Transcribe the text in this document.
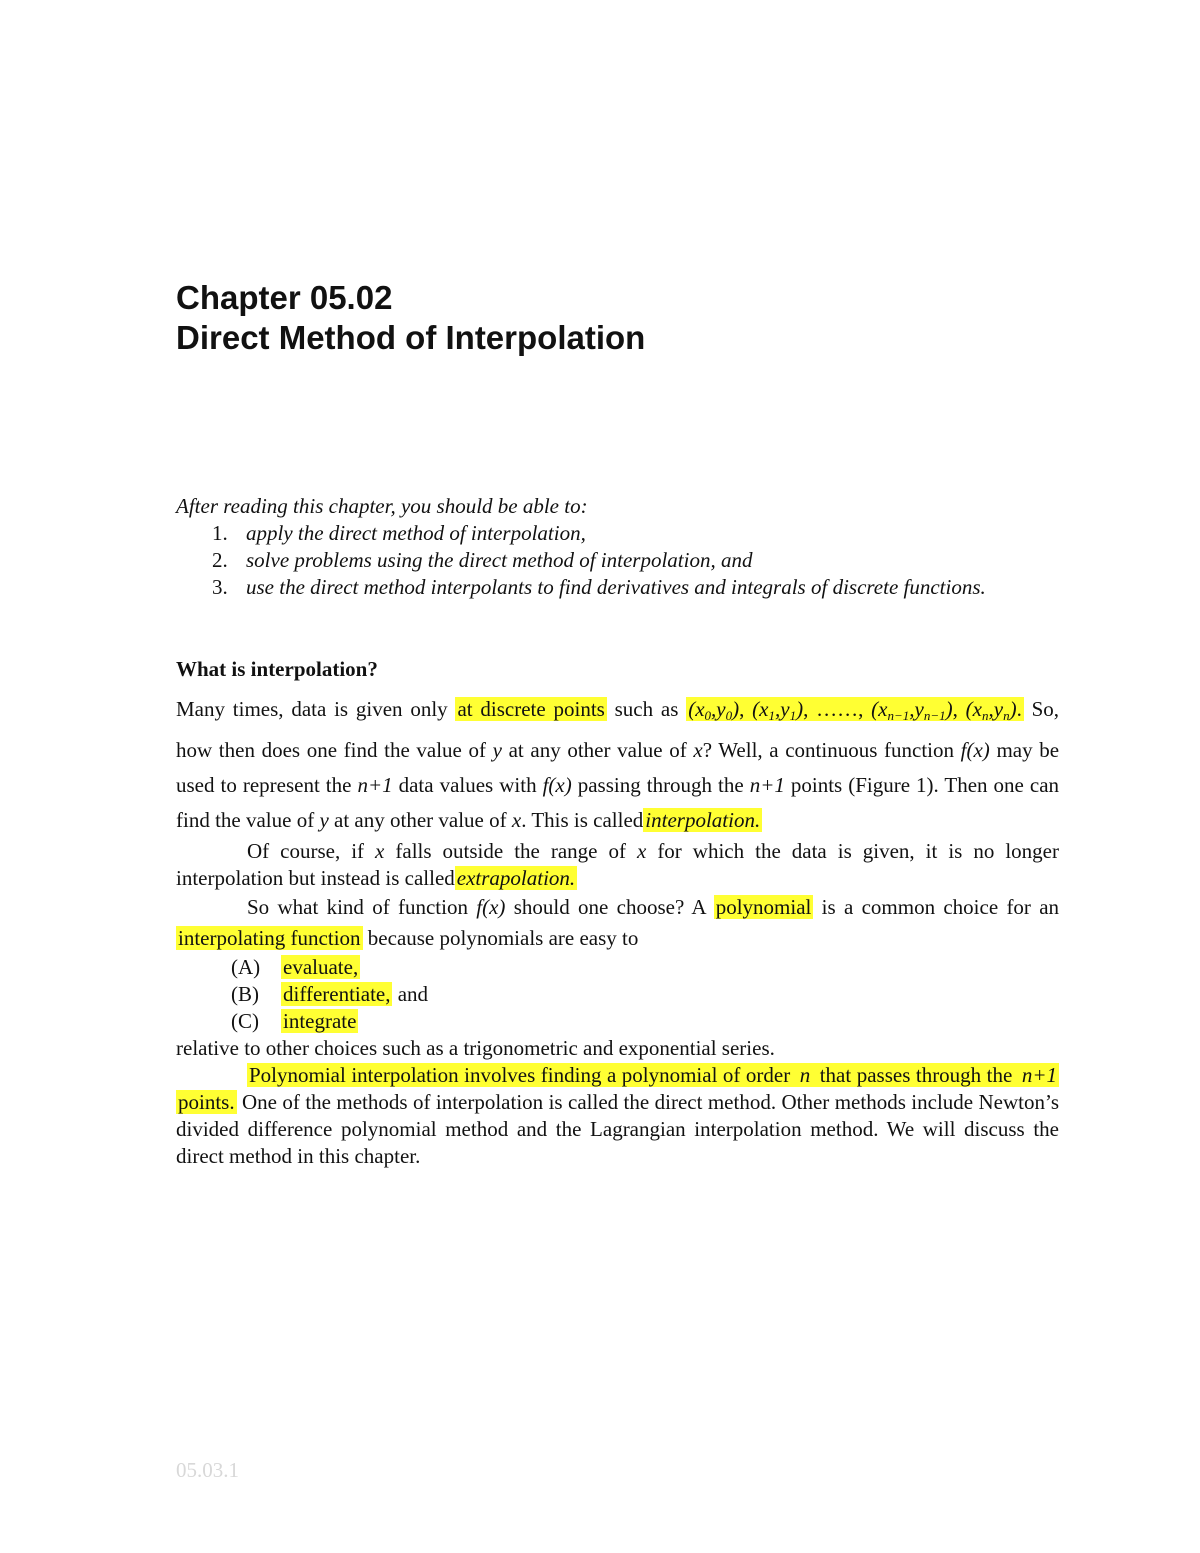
Chapter 05.02
Direct Method of Interpolation
After reading this chapter, you should be able to:
1. apply the direct method of interpolation,
2. solve problems using the direct method of interpolation, and
3. use the direct method interpolants to find derivatives and integrals of discrete functions.
What is interpolation?

Many times, data is given only at discrete points such as $(x_0,y_0)$, $(x_1,y_1)$, ……, $(x_{n-1},y_{n-1})$, $(x_n,y_n)$. So, how then does one find the value of y at any other value of x? Well, a continuous function f(x) may be used to represent the n+1 data values with f(x) passing through the n+1 points (Figure 1). Then one can find the value of y at any other value of x. This is calledinterpolation.

Of course, if x falls outside the range of x for which the data is given, it is no longer interpolation but instead is calledextrapolation.

So what kind of function f(x) should one choose? A polynomial is a common choice for an interpolating function because polynomials are easy to

(A) evaluate,
(B) differentiate, and
(C) integrate

relative to other choices such as a trigonometric and exponential series.

Polynomial interpolation involves finding a polynomial of order n that passes through the n+1 points. One of the methods of interpolation is called the direct method. Other methods include Newton’s divided difference polynomial method and the Lagrangian interpolation method. We will discuss the direct method in this chapter.

05.03.1
